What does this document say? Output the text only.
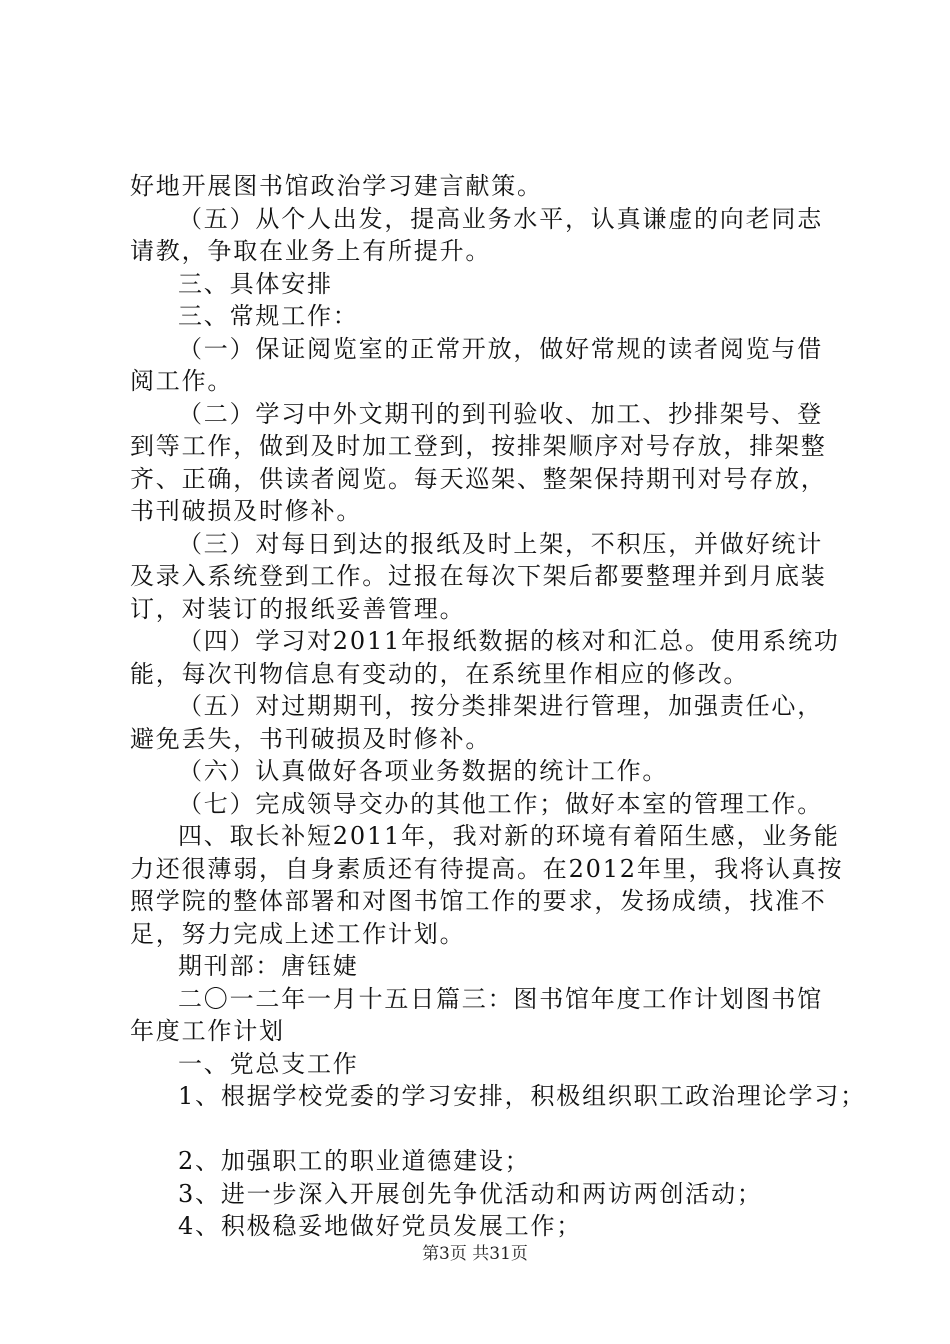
好地开展图书馆政治学习建言献策。
（五）从个人出发，提高业务水平，认真谦虚的向老同志
请教，争取在业务上有所提升。
三、具体安排
三、常规工作：
（一）保证阅览室的正常开放，做好常规的读者阅览与借
阅工作。
（二）学习中外文期刊的到刊验收、加工、抄排架号、登
到等工作，做到及时加工登到，按排架顺序对号存放，排架整
齐、正确，供读者阅览。每天巡架、整架保持期刊对号存放，
书刊破损及时修补。
（三）对每日到达的报纸及时上架，不积压，并做好统计
及录入系统登到工作。过报在每次下架后都要整理并到月底装
订，对装订的报纸妥善管理。
（四）学习对2011年报纸数据的核对和汇总。使用系统功
能，每次刊物信息有变动的，在系统里作相应的修改。
（五）对过期期刊，按分类排架进行管理，加强责任心，
避免丢失，书刊破损及时修补。
（六）认真做好各项业务数据的统计工作。
（七）完成领导交办的其他工作；做好本室的管理工作。
四、取长补短2011年，我对新的环境有着陌生感，业务能
力还很薄弱，自身素质还有待提高。在2012年里，我将认真按
照学院的整体部署和对图书馆工作的要求，发扬成绩，找准不
足，努力完成上述工作计划。
期刊部：唐钰婕
二〇一二年一月十五日篇三：图书馆年度工作计划图书馆
年度工作计划
一、党总支工作
1、根据学校党委的学习安排，积极组织职工政治理论学习；
2、加强职工的职业道德建设；
3、进一步深入开展创先争优活动和两访两创活动；
4、积极稳妥地做好党员发展工作；
第3页 共31页
